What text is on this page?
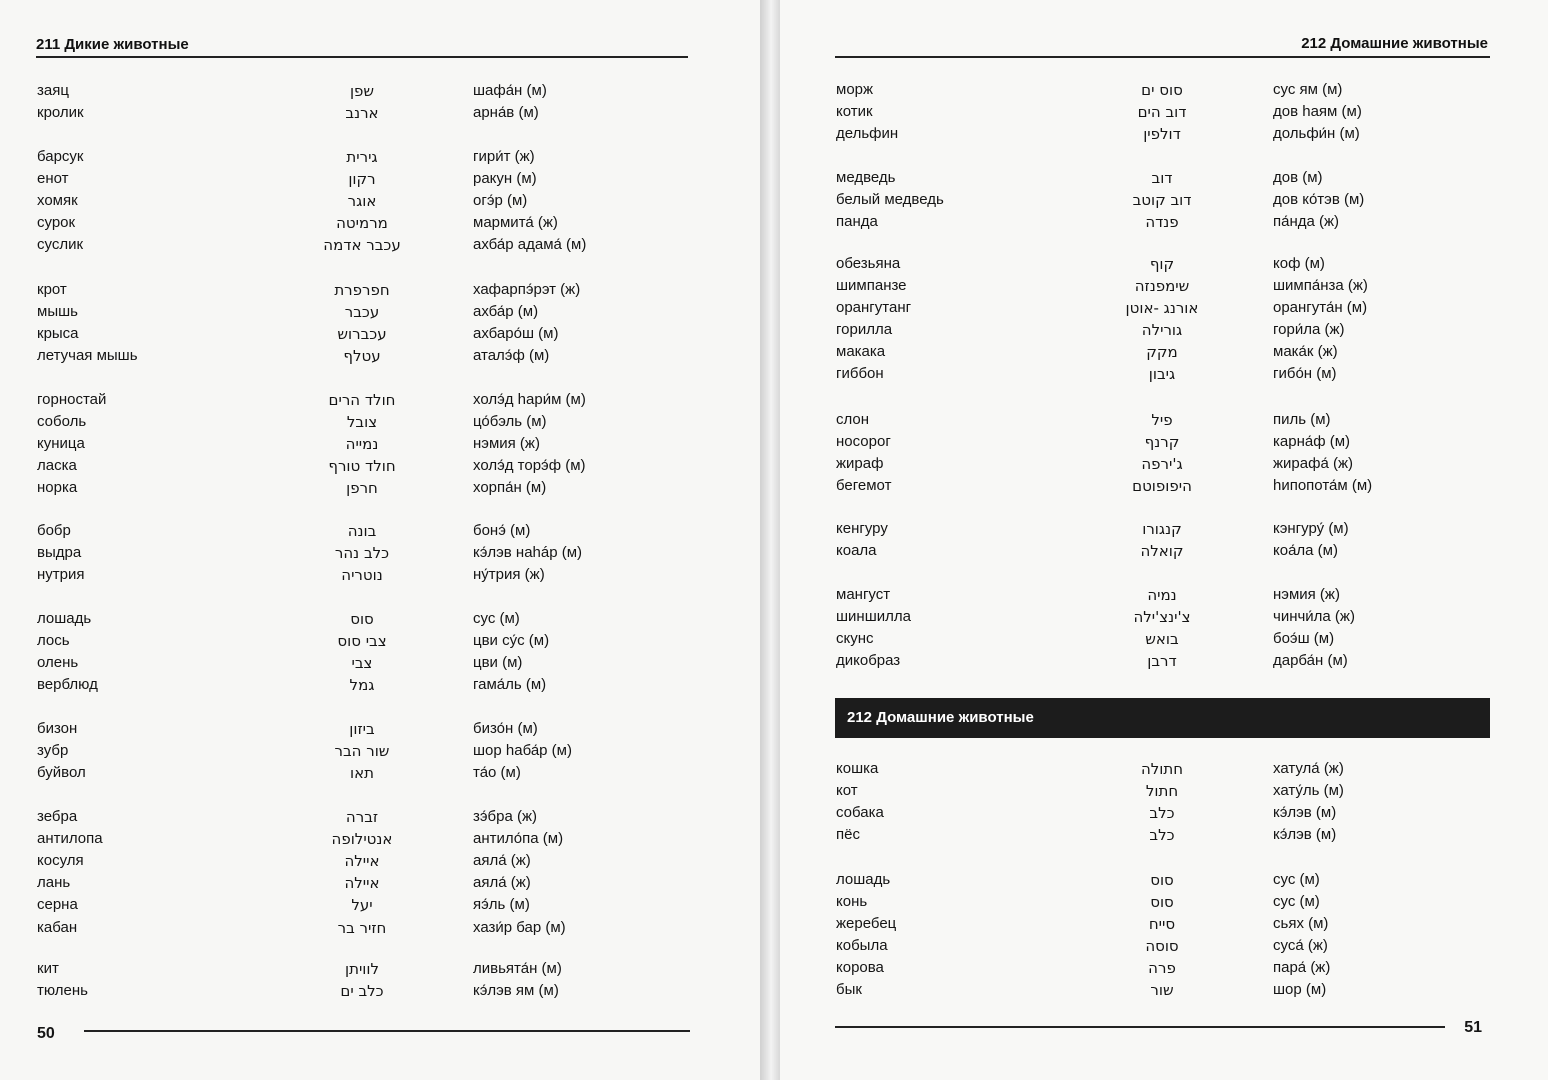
211 Дикие животные
заяц	שפן	шафа́н (м)
кролик	ארנב	арна́в (м)
барсук	גירית	гири́т (ж)
енот	רקון	ракун (м)
хомяк	אוגר	огэ́р (м)
сурок	מרמיטה	мармита́ (ж)
суслик	עכבר אדמה	ахба́р адама́ (м)
крот	חפרפרת	хафарпэ́рэт (ж)
мышь	עכבר	ахба́р (м)
крыса	עכברוש	ахбаро́ш (м)
летучая мышь	עטלף	аталэ́ф (м)
горностай	חולד הרים	холэ́д hари́м (м)
соболь	צובל	цо́бэль (м)
куница	נמייה	нэмия (ж)
ласка	חולד טורף	холэ́д торэ́ф (м)
норка	חרפן	хорпа́н (м)
бобр	בונה	бонэ́ (м)
выдра	כלב נהר	кэ́лэв наháр (м)
нутрия	נוטריה	ну́трия (ж)
лошадь	סוס	сус (м)
лось	צבי סוס	цви су́с (м)
олень	צבי	цви (м)
верблюд	גמל	гама́ль (м)
бизон	ביזון	бизо́н (м)
зубр	שור הבר	шор hаба́р (м)
буйвол	תאו	та́о (м)
зебра	זברה	зэ́бра (ж)
антилопа	אנטילופה	антило́па (м)
косуля	איילה	аяла́ (ж)
лань	איילה	аяла́ (ж)
серна	יעל	яэ́ль (м)
кабан	חזיר בר	хази́р бар (м)
кит	לוויתן	ливьята́н (м)
тюлень	כלב ים	кэ́лэв ям (м)
50
212 Домашние животные
морж	סוס ים	сус ям (м)
котик	דוב הים	дов hаям (м)
дельфин	דולפין	дольфи́н (м)
медведь	דוב	дов (м)
белый медведь	דוב קוטב	дов ко́тэв (м)
панда	פנדה	па́нда (ж)
обезьяна	קוף	коф (м)
шимпанзе	שימפנזה	шимпа́нза (ж)
орангутанг	אורנג -אוטן	орангута́н (м)
горилла	גורילה	гори́ла (ж)
макака	מקק	мака́к (ж)
гиббон	גיבון	гибо́н (м)
слон	פיל	пиль (м)
носорог	קרנף	карна́ф (м)
жираф	ג'ירפה	жирафа́ (ж)
бегемот	היפופוטם	hипопота́м (м)
кенгуру	קנגורו	кэнгуру́ (м)
коала	קואלה	коа́ла (м)
мангуст	נמיה	нэмия (ж)
шиншилла	צ'ינצ'ילה	чинчи́ла (ж)
скунс	בואש	боэ́ш (м)
дикобраз	דרבן	дарба́н (м)
кошка	חתולה	хатула́ (ж)
кот	חתול	хату́ль (м)
собака	כלב	кэ́лэв (м)
пёс	כלב	кэ́лэв (м)
лошадь	סוס	сус (м)
конь	סוס	сус (м)
жеребец	סייח	сьях (м)
кобыла	סוסה	суса́ (ж)
корова	פרה	пара́ (ж)
бык	שור	шор (м)
212 Домашние животные
51
